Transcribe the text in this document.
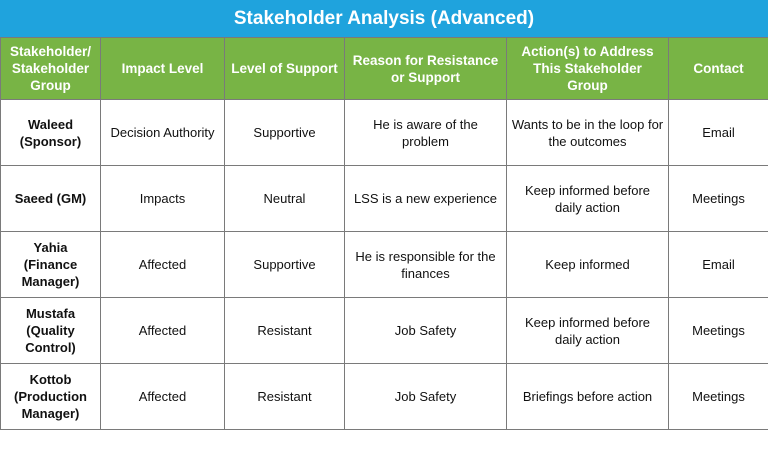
Stakeholder Analysis (Advanced)
Stakeholder/ Stakeholder Group	Impact Level	Level of Support	Reason for Resistance or Support	Action(s) to Address This Stakeholder Group	Contact
Waleed (Sponsor)	Decision Authority	Supportive	He is aware of the problem	Wants to be in the loop for the outcomes	Email
Saeed (GM)	Impacts	Neutral	LSS is a new experience	Keep informed before daily action	Meetings
Yahia (Finance Manager)	Affected	Supportive	He is responsible for the finances	Keep informed	Email
Mustafa (Quality Control)	Affected	Resistant	Job Safety	Keep informed before daily action	Meetings
Kottob (Production Manager)	Affected	Resistant	Job Safety	Briefings before action	Meetings
